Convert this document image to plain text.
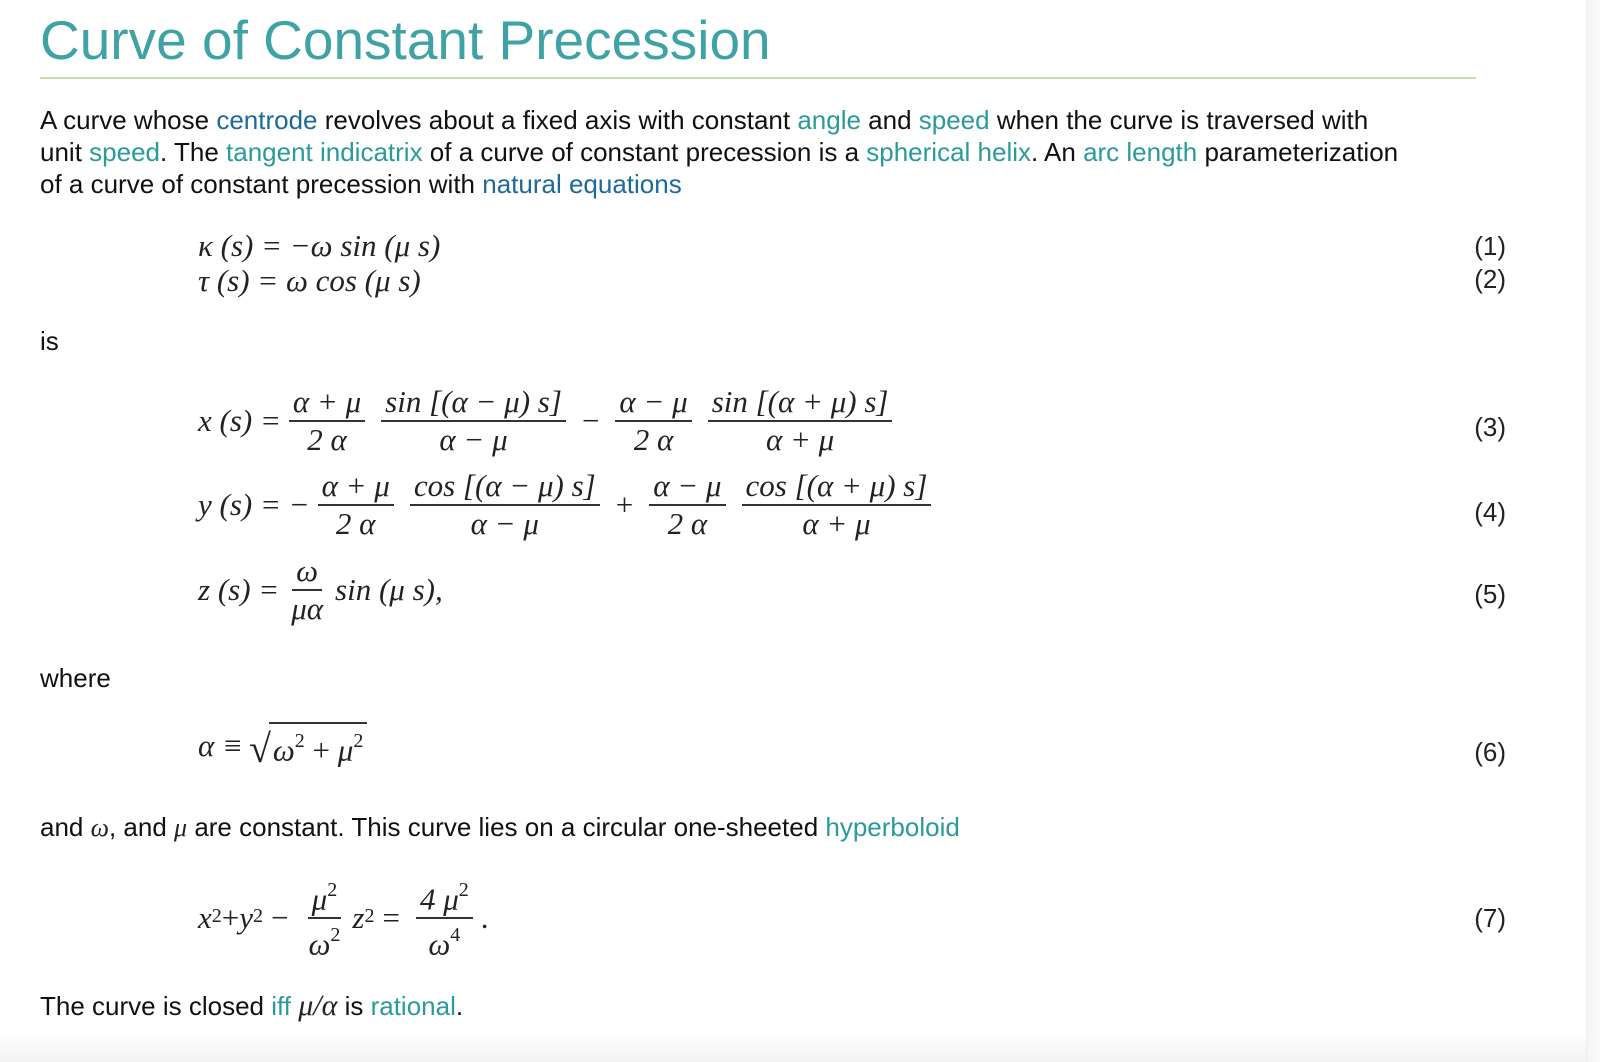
Curve of Constant Precession

A curve whose centrode revolves about a fixed axis with constant angle and speed when the curve is traversed with
unit speed. The tangent indicatrix of a curve of constant precession is a spherical helix. An arc length parameterization
of a curve of constant precession with natural equations

κ (s) = −ω sin (μ s)	(1)
τ (s) = ω cos (μ s)	(2)

is

x $(s) = \frac{\alpha + \mu}{2 \alpha} \frac{\sin [(\alpha - \mu) s]}{\alpha - \mu} - \frac{\alpha - \mu}{2 \alpha} \frac{\sin [(\alpha + \mu) s]}{\alpha + \mu}$	(3)
y (s) = − $\frac{\alpha + \mu}{2 \alpha} \frac{\cos [(\alpha - \mu) s]}{\alpha - \mu} + \frac{\alpha - \mu}{2 \alpha} \frac{\cos [(\alpha + \mu) s]}{\alpha + \mu}$	(4)
z $(s) = \frac{\omega}{\mu\alpha}$ sin (μ s),	(5)

where

α ≡ √ $\omega^2 + \mu^2$	(6)

and ω, and μ are constant. This curve lies on a circular one-sheeted hyperboloid

$x^2 + y^2 - \frac{\mu^2}{\omega^2} z^2 = \frac{4 \mu^2}{\omega^4}$ .	(7)

The curve is closed iff μ/α is rational.
